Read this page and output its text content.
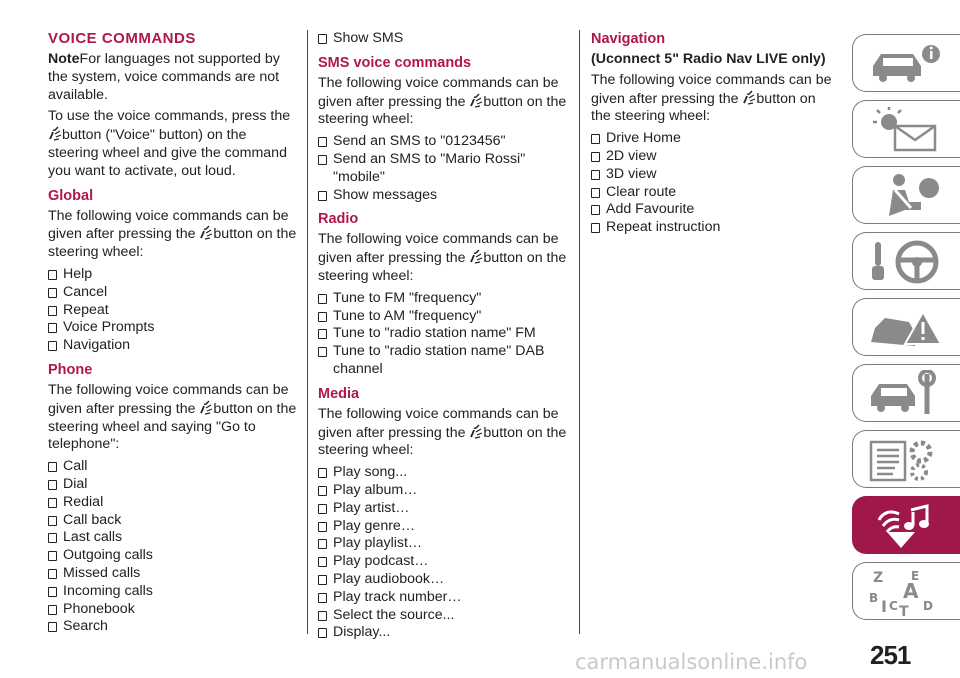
VOICE COMMANDS

NoteFor languages not supported by the system, voice commands are not available.

To use the voice commands, press the button ("Voice" button) on the steering wheel and give the command you want to activate, out loud.

Global

The following voice commands can be given after pressing the button on the steering wheel:

Help
Cancel
Repeat
Voice Prompts
Navigation
Phone

The following voice commands can be given after pressing the button on the steering wheel and saying "Go to telephone":

Call
Dial
Redial
Call back
Last calls
Outgoing calls
Missed calls
Incoming calls
Phonebook
Search
Show SMS
SMS voice commands

The following voice commands can be given after pressing the button on the steering wheel:

Send an SMS to "0123456"
Send an SMS to "Mario Rossi" "mobile"
Show messages
Radio

The following voice commands can be given after pressing the button on the steering wheel:

Tune to FM "frequency"
Tune to AM "frequency"
Tune to "radio station name" FM
Tune to "radio station name" DAB channel
Media

The following voice commands can be given after pressing the button on the steering wheel:

Play song...
Play album…
Play artist…
Play genre…
Play playlist…
Play podcast…
Play audiobook…
Play track number…
Select the source...
Display...
Navigation
(Uconnect 5" Radio Nav LIVE only)

The following voice commands can be given after pressing the button on the steering wheel:

Drive Home
2D view
3D view
Clear route
Add Favourite
Repeat instruction
Z E
A
B I C T D
251
carmanualsonline.info
